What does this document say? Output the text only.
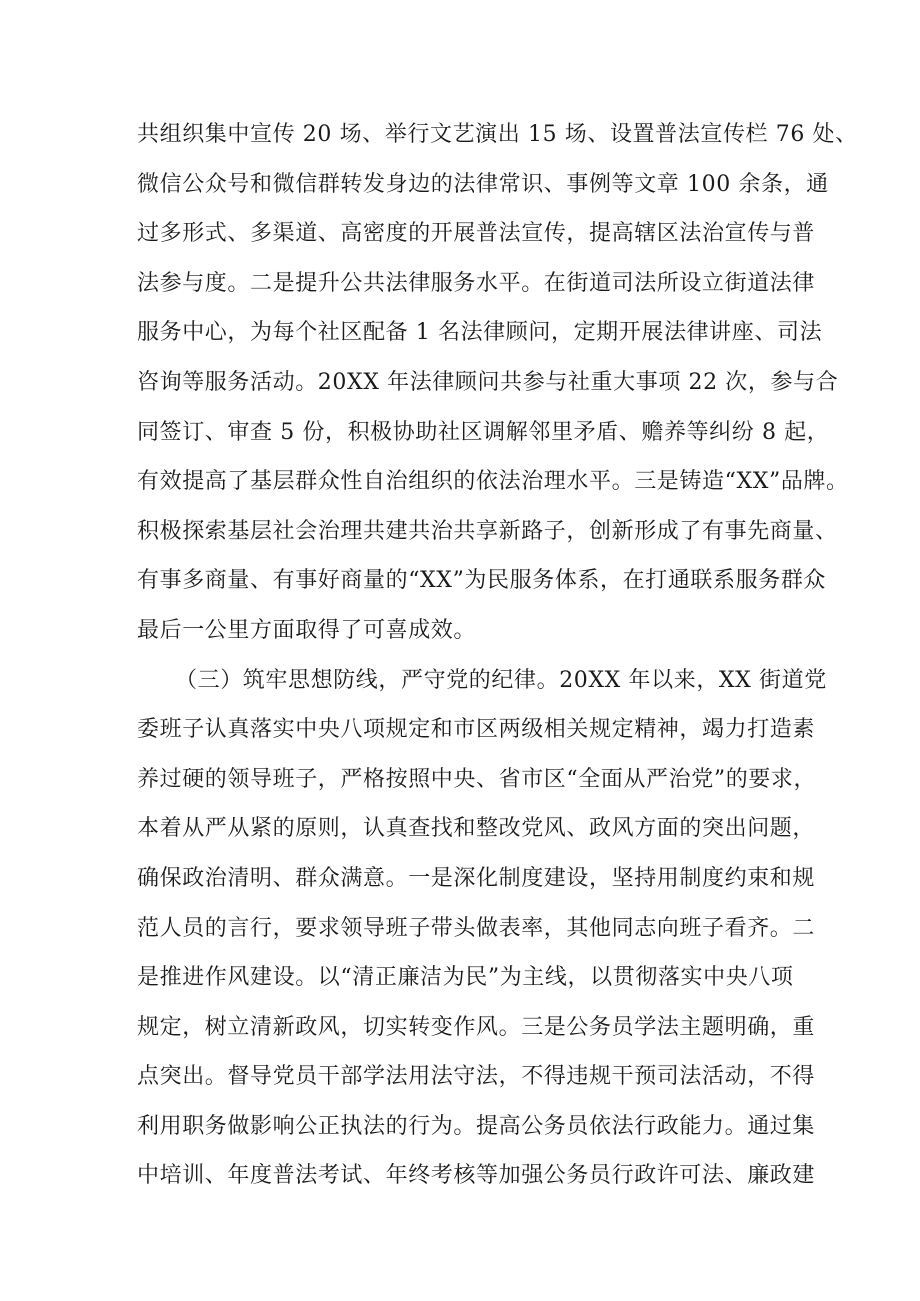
共组织集中宣传 20 场、举行文艺演出 15 场、设置普法宣传栏 76 处、
微信公众号和微信群转发身边的法律常识、事例等文章 100 余条，通
过多形式、多渠道、高密度的开展普法宣传，提高辖区法治宣传与普
法参与度。二是提升公共法律服务水平。在街道司法所设立街道法律
服务中心，为每个社区配备 1 名法律顾问，定期开展法律讲座、司法
咨询等服务活动。20XX 年法律顾问共参与社重大事项 22 次，参与合
同签订、审查 5 份，积极协助社区调解邻里矛盾、赡养等纠纷 8 起，
有效提高了基层群众性自治组织的依法治理水平。三是铸造“XX”品牌。
积极探索基层社会治理共建共治共享新路子，创新形成了有事先商量、
有事多商量、有事好商量的“XX”为民服务体系，在打通联系服务群众
最后一公里方面取得了可喜成效。
（三）筑牢思想防线，严守党的纪律。20XX 年以来，XX 街道党
委班子认真落实中央八项规定和市区两级相关规定精神，竭力打造素
养过硬的领导班子，严格按照中央、省市区“全面从严治党”的要求，
本着从严从紧的原则，认真查找和整改党风、政风方面的突出问题，
确保政治清明、群众满意。一是深化制度建设，坚持用制度约束和规
范人员的言行，要求领导班子带头做表率，其他同志向班子看齐。二
是推进作风建设。以“清正廉洁为民”为主线，以贯彻落实中央八项
规定，树立清新政风，切实转变作风。三是公务员学法主题明确，重
点突出。督导党员干部学法用法守法，不得违规干预司法活动，不得
利用职务做影响公正执法的行为。提高公务员依法行政能力。通过集
中培训、年度普法考试、年终考核等加强公务员行政许可法、廉政建
